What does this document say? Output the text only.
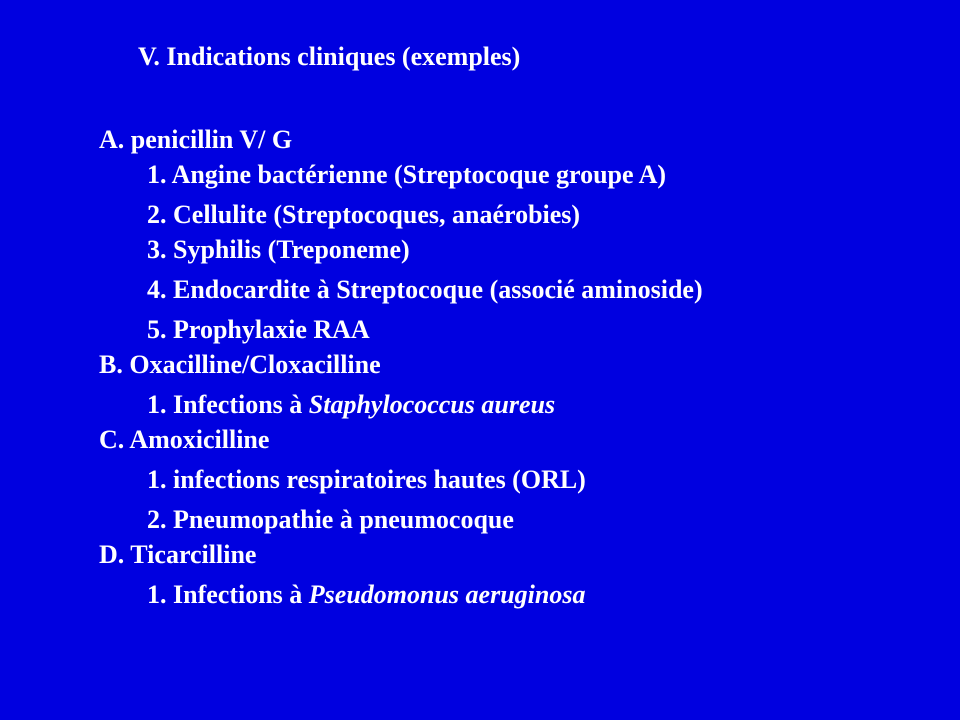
V. Indications cliniques (exemples)
A. penicillin V/ G
1. Angine bactérienne (Streptocoque groupe A)
2. Cellulite (Streptocoques, anaérobies)
3. Syphilis (Treponeme)
4. Endocardite à Streptocoque (associé aminoside)
5. Prophylaxie RAA
B. Oxacilline/Cloxacilline
1. Infections à Staphylococcus aureus
C. Amoxicilline
1. infections respiratoires hautes (ORL)
2. Pneumopathie à pneumocoque
D. Ticarcilline
1. Infections à Pseudomonus aeruginosa
